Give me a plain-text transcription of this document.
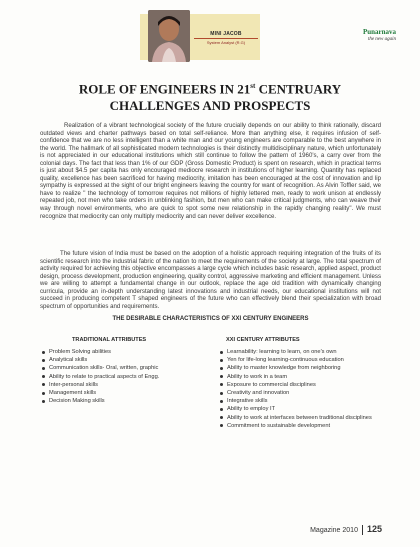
MINI JACOB
System Analyst (R.G)
Punarnava
the new again
ROLE OF ENGINEERS IN 21st CENTRUARY
CHALLENGES AND PROSPECTS

Realization of a vibrant technological society of the future crucially depends on our ability to think rationally, discard outdated views and charter pathways based on total self-reliance. More than anything else, it requires infusion of self-confidence that we are no less intelligent than a white man and our young engineers are comparable to the best anywhere in the world. The hallmark of all sophisticated modern technologies is their distinctly multidisciplinary nature, which unfortunately is not appreciated in our educational institutions which still continue to follow the pattern of 1960's, a carry over from the colonial days. The fact that less than 1% of our GDP (Gross Domestic Product) is spent on research, which in practical terms is just about $4.5 per capita has only encouraged mediocre research in institutions of higher learning. Quantity has replaced quality, excellence has been sacrificed for having mediocrity, imitation has been encouraged at the cost of innovation and lip sympathy is expressed at the sight of our bright engineers leaving the country for want of recognition. As Alvin Toffler said, we have to realize " the technology of tomorrow requires not millions of highly lettered men, ready to work unison at endlessly repeated job, not men who take orders in unblinking fashion, but men who can make critical judgments, who can weave their way through novel environments, who are quick to spot some new relationship in the rapidly changing reality". We must recognize that mediocrity can only multiply mediocrity and can never deliver excellence.

The future vision of India must be based on the adoption of a holistic approach requiring integration of the fruits of its scientific research into the industrial fabric of the nation to meet the requirements of the society at large. The total spectrum of activity required for achieving this objective encompasses a large cycle which includes basic research, applied aspect, product design, process development, production engineering, quality control, aggressive marketing and efficient management. Unless we are willing to attempt a fundamental change in our outlook, replace the age old tradition with dynamically changing curricula, provide an in-depth understanding latest innovations and industrial needs, our educational institutions will not succeed in producing competent T shaped engineers of the future who can effectively blend their specialization with broad spectrum of opportunities and requirements.

THE DESIRABLE CHARACTERISTICS OF XXI CENTURY ENGINEERS
TRADITIONAL ATTRIBUTES	XXI CENTURY ATTRIBUTES
Problem Solving abilities
Analytical skills
Communication skills- Oral, written, graphic
Ability to relate to practical aspects of Engg.
Inter-personal skills
Management skills
Decision Making skills
Learnability: learning to learn, on one's own
Yen for life-long learning-continuous education
Ability to master knowledge from neighboring
Ability to work in a team
Exposure to commercial disciplines
Creativity and innovation
Integrative skills
Ability to employ IT
Ability to work at interfaces between traditional disciplines
Commitment to sustainable development
Magazine 2010 125
